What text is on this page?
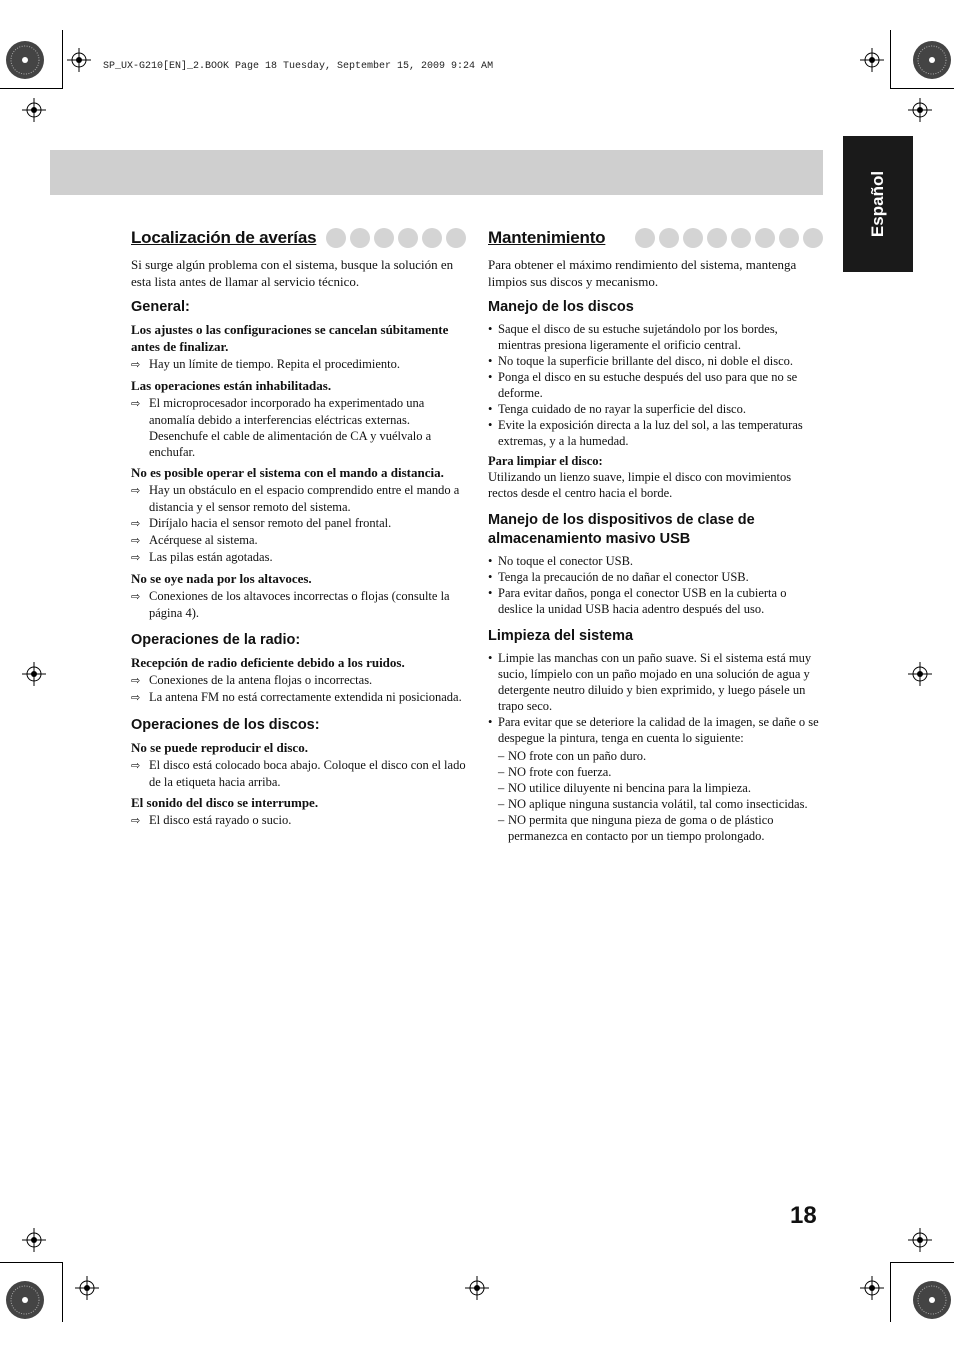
SP_UX-G210[EN]_2.BOOK Page 18 Tuesday, September 15, 2009 9:24 AM
Español
Localización de averías

Si surge algún problema con el sistema, busque la solución en esta lista antes de llamar al servicio técnico.

General:
Los ajustes o las configuraciones se cancelan súbitamente antes de finalizar.

⇨ Hay un límite de tiempo. Repita el procedimiento.

Las operaciones están inhabilitadas.

⇨ El microprocesador incorporado ha experimentado una anomalía debido a interferencias eléctricas externas. Desenchufe el cable de alimentación de CA y vuélvalo a enchufar.

No es posible operar el sistema con el mando a distancia.

⇨ Hay un obstáculo en el espacio comprendido entre el mando a distancia y el sensor remoto del sistema.

⇨ Diríjalo hacia el sensor remoto del panel frontal.

⇨ Acérquese al sistema.

⇨ Las pilas están agotadas.

No se oye nada por los altavoces.

⇨ Conexiones de los altavoces incorrectas o flojas (consulte la página 4).

Operaciones de la radio:
Recepción de radio deficiente debido a los ruidos.

⇨ Conexiones de la antena flojas o incorrectas.

⇨ La antena FM no está correctamente extendida ni posicionada.

Operaciones de los discos:
No se puede reproducir el disco.

⇨ El disco está colocado boca abajo. Coloque el disco con el lado de la etiqueta hacia arriba.

El sonido del disco se interrumpe.

⇨ El disco está rayado o sucio.

Mantenimiento

Para obtener el máximo rendimiento del sistema, mantenga limpios sus discos y mecanismo.

Manejo de los discos
• Saque el disco de su estuche sujetándolo por los bordes, mientras presiona ligeramente el orificio central.
• No toque la superficie brillante del disco, ni doble el disco.
• Ponga el disco en su estuche después del uso para que no se deforme.
• Tenga cuidado de no rayar la superficie del disco.
• Evite la exposición directa a la luz del sol, a las temperaturas extremas, y a la humedad.
Para limpiar el disco:

Utilizando un lienzo suave, limpie el disco con movimientos rectos desde el centro hacia el borde.

Manejo de los dispositivos de clase de almacenamiento masivo USB
• No toque el conector USB.
• Tenga la precaución de no dañar el conector USB.
• Para evitar daños, ponga el conector USB en la cubierta o deslice la unidad USB hacia adentro después del uso.
Limpieza del sistema
• Limpie las manchas con un paño suave. Si el sistema está muy sucio, límpielo con un paño mojado en una solución de agua y detergente neutro diluido y bien exprimido, y luego pásele un trapo seco.
• Para evitar que se deteriore la calidad de la imagen, se dañe o se despegue la pintura, tenga en cuenta lo siguiente:
– NO frote con un paño duro.
– NO frote con fuerza.
– NO utilice diluyente ni bencina para la limpieza.
– NO aplique ninguna sustancia volátil, tal como insecticidas.
– NO permita que ninguna pieza de goma o de plástico permanezca en contacto por un tiempo prolongado.
18
